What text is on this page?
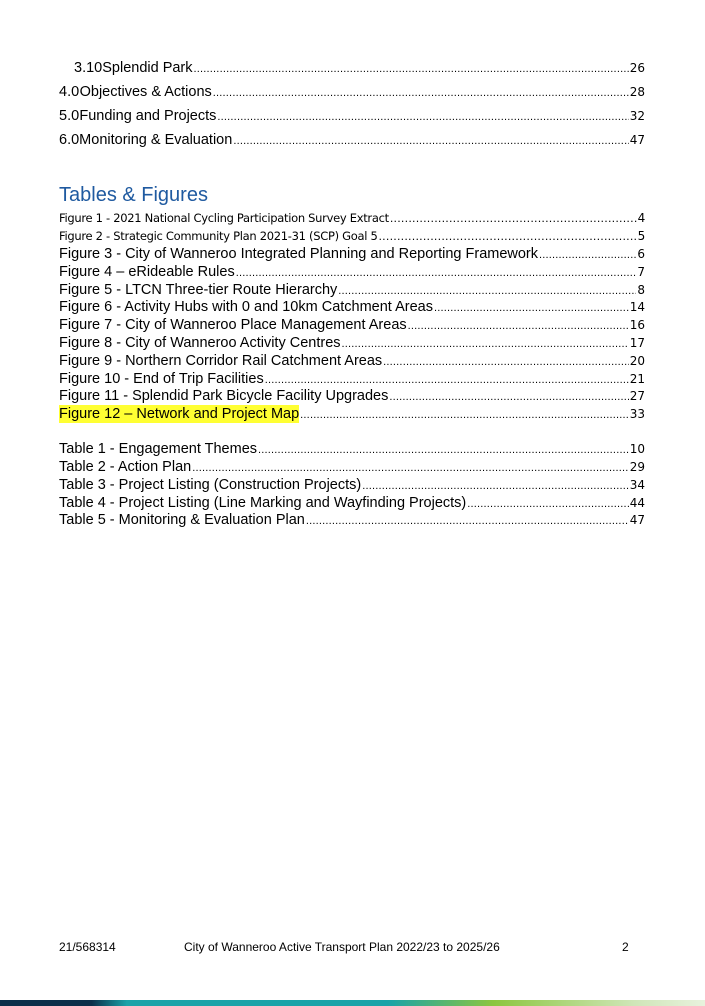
3.10 Splendid Park .....	26
4.0 Objectives & Actions .....	28
5.0 Funding and Projects .....	32
6.0 Monitoring & Evaluation .....	47
Tables & Figures
Figure 1 - 2021 National Cycling Participation Survey Extract .....	4
Figure 2 - Strategic Community Plan 2021-31 (SCP) Goal 5 .....	5
Figure 3 - City of Wanneroo Integrated Planning and Reporting Framework .....	6
Figure 4 – eRideable Rules .....	7
Figure 5 - LTCN Three-tier Route Hierarchy .....	8
Figure 6 - Activity Hubs with 0 and 10km Catchment Areas .....	14
Figure 7 - City of Wanneroo Place Management Areas .....	16
Figure 8 - City of Wanneroo Activity Centres .....	17
Figure 9 - Northern Corridor Rail Catchment Areas .....	20
Figure 10 - End of Trip Facilities .....	21
Figure 11 - Splendid Park Bicycle Facility Upgrades .....	27
Figure 12 – Network and Project Map .....	33
Table 1 - Engagement Themes .....	10
Table 2 - Action Plan .....	29
Table 3 - Project Listing (Construction Projects) .....	34
Table 4 - Project Listing (Line Marking and Wayfinding Projects) .....	44
Table 5 - Monitoring & Evaluation Plan .....	47
21/568314	City of Wanneroo Active Transport Plan 2022/23 to 2025/26	2
